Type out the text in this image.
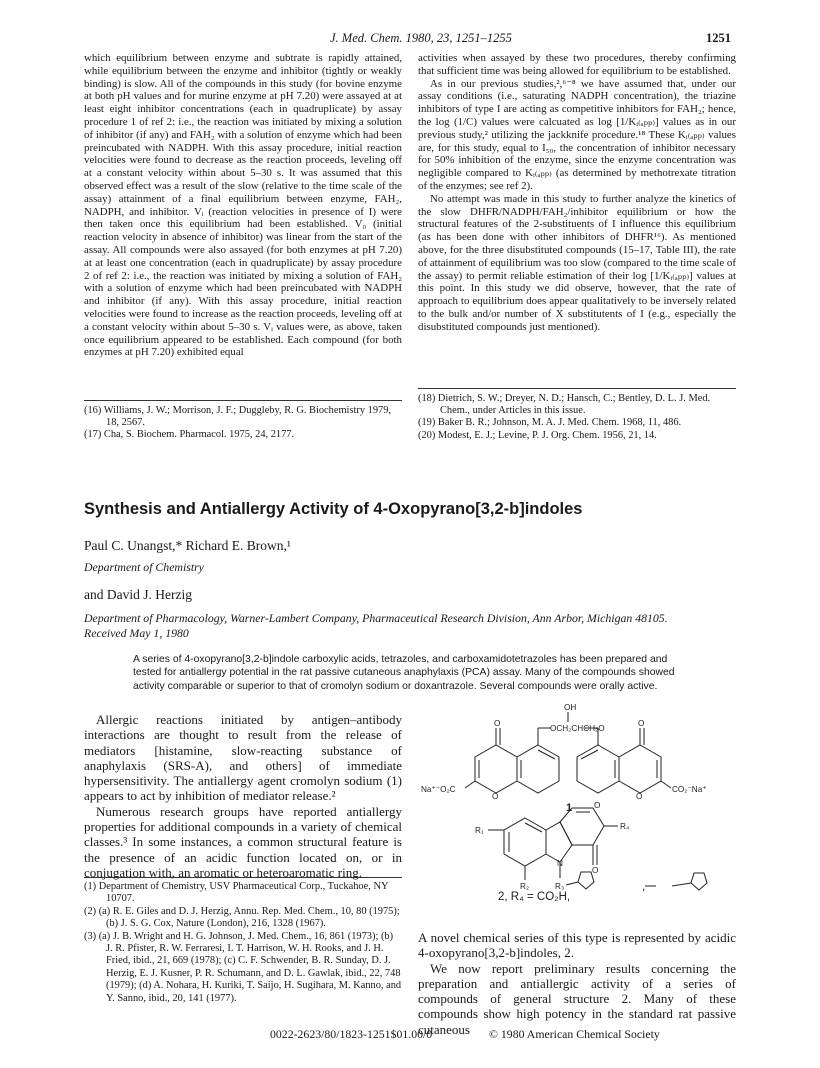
J. Med. Chem. 1980, 23, 1251–1255	1251

which equilibrium between enzyme and subtrate is rapidly attained, while equilibrium between the enzyme and inhibitor (tightly or weakly binding) is slow. All of the compounds in this study (for bovine enzyme at both pH values and for murine enzyme at pH 7.20) were assayed at at least eight inhibitor concentrations (each in quadruplicate) by assay procedure 1 of ref 2: i.e., the reaction was initiated by mixing a solution of inhibitor (if any) and FAH₂ with a solution of enzyme which had been preincubated with NADPH. With this assay procedure, initial reaction velocities were found to decrease as the reaction proceeds, leveling off at a constant velocity within about 5–30 s. It was assumed that this observed effect was a result of the slow (relative to the time scale of the assay) attainment of a final equilibrium between enzyme, FAH₂, NADPH, and inhibitor. Vᵢ (reaction velocities in presence of I) were then taken once this equilibrium had been established. V₀ (initial reaction velocity in absence of inhibitor) was linear from the start of the assay. All compounds were also assayed (for both enzymes at pH 7.20) at at least one concentration (each in quadruplicate) by assay procedure 2 of ref 2: i.e., the reaction was initiated by mixing a solution of FAH₂ with a solution of enzyme which had been preincubated with NADPH and inhibitor (if any). With this assay procedure, initial reaction velocities were found to increase as the reaction proceeds, leveling off at a constant velocity within about 5–30 s. Vᵢ values were, as above, taken once equilibrium appeared to be established. Each compound (for both enzymes at pH 7.20) exhibited equal

(16) Williams, J. W.; Morrison, J. F.; Duggleby, R. G. Biochemistry 1979, 18, 2567.
(17) Cha, S. Biochem. Pharmacol. 1975, 24, 2177.

activities when assayed by these two procedures, thereby confirming that sufficient time was being allowed for equilibrium to be established.

As in our previous studies,²,⁶⁻⁸ we have assumed that, under our assay conditions (i.e., saturating NADPH concentration), the triazine inhibitors of type I are acting as competitive inhibitors for FAH₂; hence, the log (1/C) values were calcuated as log [1/Kᵢ₍ₐₚₚ₎] values as in our previous study,² utilizing the jackknife procedure.¹⁸ These Kᵢ₍ₐₚₚ₎ values are, for this study, equal to I₅₀, the concentration of inhibitor necessary for 50% inhibition of the enzyme, since the enzyme concentration was negligible compared to Kᵢ₍ₐₚₚ₎ (as determined by methotrexate titration of the enzymes; see ref 2).

No attempt was made in this study to further analyze the kinetics of the slow DHFR/NADPH/FAH₂/inhibitor equilibrium or how the structural features of the 2-substituents of I influence this equilibrium (as has been done with other inhibitors of DHFR¹⁶). As mentioned above, for the three disubstituted compounds (15–17, Table III), the rate of attainment of equilibrium was too slow (compared to the time scale of the assay) to permit reliable estimation of their log [1/Kᵢ₍ₐₚₚ₎] values at this point. In this study we did observe, however, that the rate of approach to equilibrium does appear qualitatively to be inversely related to the bulk and/or number of X substitutents of I (e.g., especially the disubstituted compounds just mentioned).

(18) Dietrich, S. W.; Dreyer, N. D.; Hansch, C.; Bentley, D. L. J. Med. Chem., under Articles in this issue.
(19) Baker B. R.; Johnson, M. A. J. Med. Chem. 1968, 11, 486.
(20) Modest, E. J.; Levine, P. J. Org. Chem. 1956, 21, 14.
Synthesis and Antiallergy Activity of 4-Oxopyrano[3,2-b]indoles
Paul C. Unangst,* Richard E. Brown,¹
Department of Chemistry
and David J. Herzig
Department of Pharmacology, Warner-Lambert Company, Pharmaceutical Research Division, Ann Arbor, Michigan 48105.
Received May 1, 1980
A series of 4-oxopyrano[3,2-b]indole carboxylic acids, tetrazoles, and carboxamidotetrazoles has been prepared and tested for antiallergy potential in the rat passive cutaneous anaphylaxis (PCA) assay. Many of the compounds showed activity comparable or superior to that of cromolyn sodium or doxantrazole. Several compounds were orally active.

Allergic reactions initiated by antigen–antibody interactions are thought to result from the release of mediators [histamine, slow-reacting substance of anaphylaxis (SRS-A), and others] of immediate hypersensitivity. The antiallergy agent cromolyn sodium (1) appears to act by inhibition of mediator release.²

Numerous research groups have reported antiallergy properties for additional compounds in a variety of chemical classes.³ In some instances, a common structural feature is the presence of an acidic function located on, or in conjugation with, an aromatic or heteroaromatic ring.

(1) Department of Chemistry, USV Pharmaceutical Corp., Tuckahoe, NY 10707.
(2) (a) R. E. Giles and D. J. Herzig, Annu. Rep. Med. Chem., 10, 80 (1975); (b) J. S. G. Cox, Nature (London), 216, 1328 (1967).
(3) (a) J. B. Wright and H. G. Johnson, J. Med. Chem., 16, 861 (1973); (b) J. R. Pfister, R. W. Ferraresi, I. T. Harrison, W. H. Rooks, and J. H. Fried, ibid., 21, 669 (1978); (c) C. F. Schwender, B. R. Sunday, D. J. Herzig, E. J. Kusner, P. R. Schumann, and D. L. Gawlak, ibid., 22, 748 (1979); (d) A. Nohara, H. Kuriki, T. Saijo, H. Sugihara, M. Kanno, and Y. Sanno, ibid., 20, 141 (1977).
OH
OCH₂CHCH₂O
O	O
O	O
Na⁺⁻O₂C	CO₂⁻Na⁺
O
O
R₁	R₄
R₂	R₃
N
1
2, R₄ = CO₂H,
,

A novel chemical series of this type is represented by acidic 4-oxopyrano[3,2-b]indoles, 2.

We now report preliminary results concerning the preparation and antiallergic activity of a series of compounds of general structure 2. Many of these compounds show high potency in the standard rat passive cutaneous

0022-2623/80/1823-1251$01.00/0	© 1980 American Chemical Society
